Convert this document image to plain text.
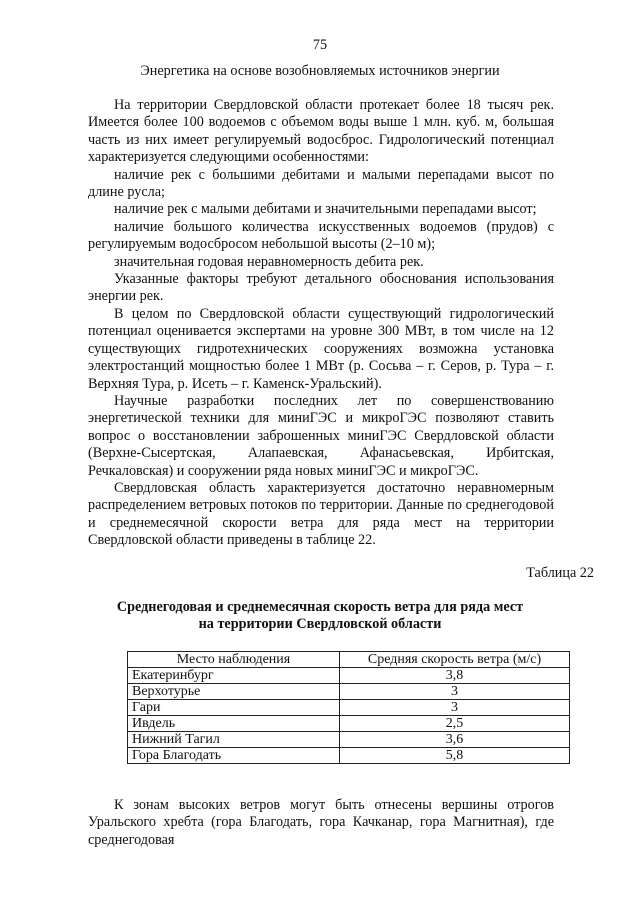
75
Энергетика на основе возобновляемых источников энергии

На территории Свердловской области протекает более 18 тысяч рек. Имеется более 100 водоемов с объемом воды выше 1 млн. куб. м, большая часть из них имеет регулируемый водосброс. Гидрологический потенциал характеризуется следующими особенностями:

наличие рек с большими дебитами и малыми перепадами высот по длине русла;

наличие рек с малыми дебитами и значительными перепадами высот;

наличие большого количества искусственных водоемов (прудов) с регулируемым водосбросом небольшой высоты (2–10 м);

значительная годовая неравномерность дебита рек.

Указанные факторы требуют детального обоснования использования энергии рек.

В целом по Свердловской области существующий гидрологический потенциал оценивается экспертами на уровне 300 МВт, в том числе на 12 существующих гидротехнических сооружениях возможна установка электростанций мощностью более 1 МВт (р. Сосьва – г. Серов, р. Тура – г. Верхняя Тура, р. Исеть – г. Каменск-Уральский).

Научные разработки последних лет по совершенствованию энергетической техники для миниГЭС и микроГЭС позволяют ставить вопрос о восстановлении заброшенных миниГЭС Свердловской области (Верхне-Сысертская, Алапаевская, Афанасьевская, Ирбитская, Речкаловская) и сооружении ряда новых миниГЭС и микроГЭС.

Свердловская область характеризуется достаточно неравномерным распределением ветровых потоков по территории. Данные по среднегодовой и среднемесячной скорости ветра для ряда мест на территории Свердловской области приведены в таблице 22.

Таблица 22
Среднегодовая и среднемесячная скорость ветра для ряда мест
на территории Свердловской области
Место наблюдения	Средняя скорость ветра (м/с)
Екатеринбург	3,8
Верхотурье	3
Гари	3
Ивдель	2,5
Нижний Тагил	3,6
Гора Благодать	5,8

К зонам высоких ветров могут быть отнесены вершины отрогов Уральского хребта (гора Благодать, гора Качканар, гора Магнитная), где среднегодовая
